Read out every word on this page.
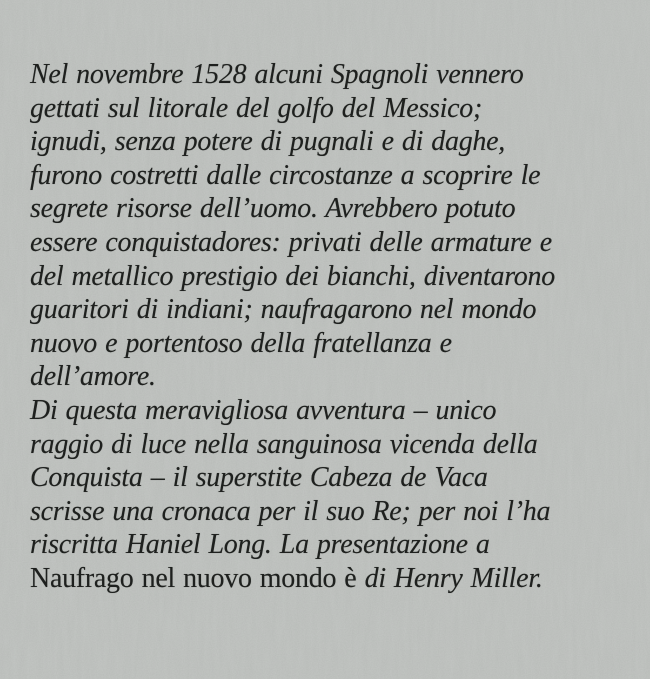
Nel novembre 1528 alcuni Spagnoli vennero
gettati sul litorale del golfo del Messico;
ignudi, senza potere di pugnali e di daghe,
furono costretti dalle circostanze a scoprire le
segrete risorse dell’uomo. Avrebbero potuto
essere conquistadores: privati delle armature e
del metallico prestigio dei bianchi, diventarono
guaritori di indiani; naufragarono nel mondo
nuovo e portentoso della fratellanza e
dell’amore.
Di questa meravigliosa avventura – unico
raggio di luce nella sanguinosa vicenda della
Conquista – il superstite Cabeza de Vaca
scrisse una cronaca per il suo Re; per noi l’ha
riscritta Haniel Long. La presentazione a
Naufrago nel nuovo mondo è di Henry Miller.
